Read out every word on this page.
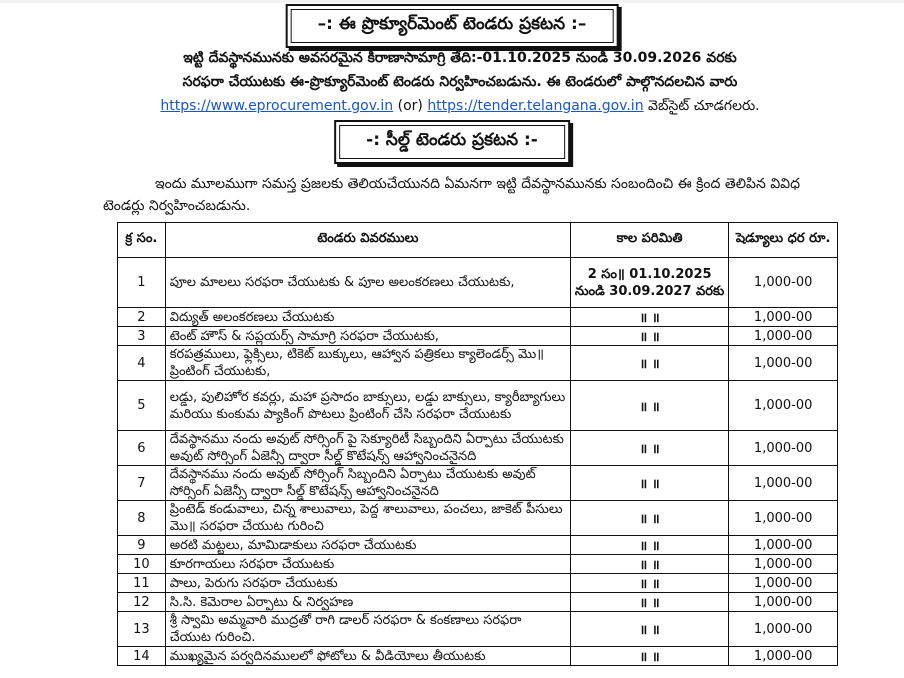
–: ఈ ప్రొక్యూర్‌మెంట్ టెండరు ప్రకటన :–
ఇట్టి దేవస్థానమునకు అవసరమైన కిరాణాసామాగ్రి తేది:-01.10.2025 నుండి 30.09.2026 వరకు
సరఫరా చేయుటకు ఈ-ప్రొక్యూర్‌మెంట్ టెండరు నిర్వహించబడును. ఈ టెండరులో పాల్గొనదలచిన వారు
https://www.eprocurement.gov.in (or) https://tender.telangana.gov.in వెబ్‌సైట్ చూడగలరు.
-: సీల్డ్ టెండరు ప్రకటన :-
ఇందు మూలముగా సమస్త ప్రజలకు తెలియచేయునది ఏమనగా ఇట్టి దేవస్థానమునకు సంబందించి ఈ క్రింద తెలిపిన వివిధ టెండర్లు నిర్వహించబడును.
క్ర సం.	టెండరు వివరములు	కాల పరిమితి	షెడ్యూలు ధర రూ.
1	పూల మాలలు సరఫరా చేయుటకు & పూల అలంకరణలు చేయుటకు,	2 సం॥ 01.10.2025 నుండి 30.09.2027 వరకు	1,000-00
2	విద్యుత్ అలంకరణలు చేయుటకు	॥ ॥	1,000-00
3	టెంట్ హౌస్ & సప్లయర్స్ సామాగ్రి సరఫరా చేయుటకు,	॥ ॥	1,000-00
4	కరపత్రములు, ఫ్లెక్సిలు, టికెట్ బుక్కులు, ఆహ్వాన పత్రికలు క్యాలెండర్స్ మొ॥ ప్రింటింగ్ చేయుటకు,	॥ ॥	1,000-00
5	లడ్డు, పులిహోర కవర్లు, మహా ప్రసాదం బాక్సులు, లడ్డు బాక్సులు, క్యారీబ్యాగులు మరియు కుంకుమ ప్యాకింగ్ పొటలు ప్రింటింగ్ చేసి సరఫరా చేయుటకు	॥ ॥	1,000-00
6	దేవస్థానము నందు అవుట్ సోర్సింగ్ పై సెక్యూరిటీ సిబ్బందిని ఏర్పాటు చేయుటకు అవుట్ సోర్సింగ్ ఏజెన్సీ ద్వారా సీల్డ్ కొటేషన్స్ ఆహ్వానించనైనది	॥ ॥	1,000-00
7	దేవస్థానము నందు అవుట్ సోర్సింగ్ సిబ్బందిని ఏర్పాటు చేయుటకు అవుట్ సోర్సింగ్ ఏజెన్సీ ద్వారా సీల్డ్ కొటేషన్స్ ఆహ్వానించనైనది	॥ ॥	1,000-00
8	ప్రింటెడ్ కండువాలు, చిన్న శాలువాలు, పెద్ద శాలువాలు, పంచలు, జాకెట్ పీసులు మొ॥ సరఫరా చేయుట గురించి	॥ ॥	1,000-00
9	అరటి మట్టలు, మామిడాకులు సరఫరా చేయుటకు	॥ ॥	1,000-00
10	కూరగాయలు సరఫరా చేయుటకు	॥ ॥	1,000-00
11	పాలు, పెరుగు సరఫరా చేయుటకు	॥ ॥	1,000-00
12	సి.సి. కెమెరాల ఏర్పాటు & నిర్వహణ	॥ ॥	1,000-00
13	శ్రీ స్వామి అమ్మవారి ముద్రతో రాగి డాలర్ సరఫరా & కంకణాలు సరఫరా చేయుట గురించి.	॥ ॥	1,000-00
14	ముఖ్యమైన పర్వదినములలో ఫోటోలు & వీడియోలు తీయుటకు	॥ ॥	1,000-00
